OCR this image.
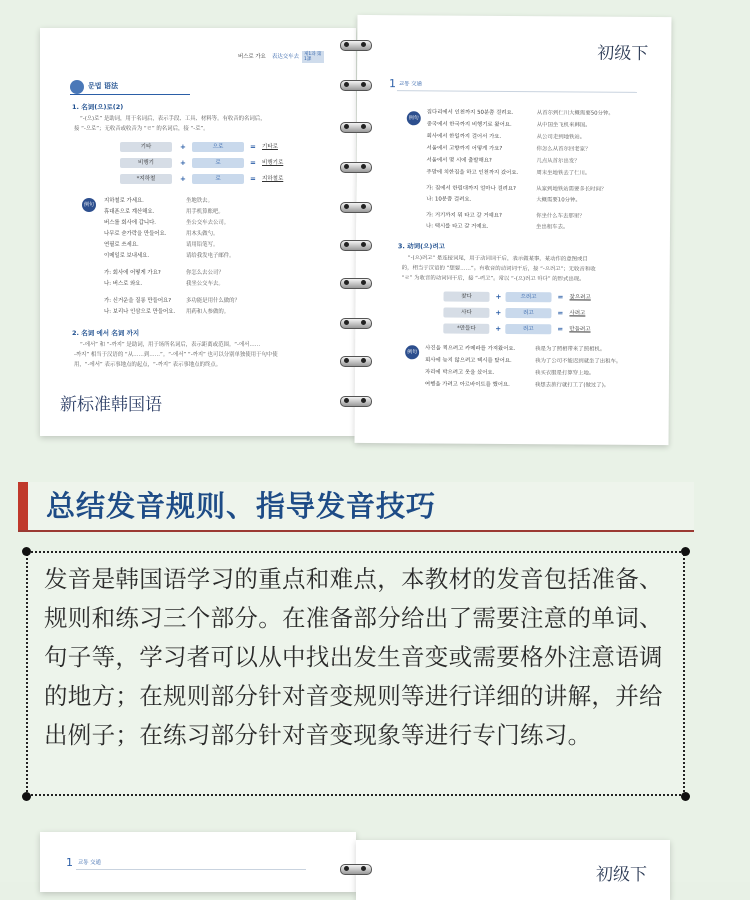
버스로 가요 表达交车去	제1과 第1課
문법 语法
1. 名词(으)로(2)
“-(으)로” 是助词，用于名词后，表示手段、工具、材料等。有收音的名词后，
接 “-으로”；无收音或收音为 “ㄹ” 的名词后，接 “-로”。
기타	+	으로	= 기타로
비행기	+	로	= 비행기로
*지하철	+	로	= 지하철로
例句
지하철로 가세요.	坐地铁去。
휴대폰으로 계산해요.	用手机算账吧。
버스를 회사에 갑니다.	坐公交车去公司。
나무로 숟가락을 만들어요.	用木头做勺。
연필로 쓰세요.	请用铅笔写。
이메일로 보내세요.	请给我发电子邮件。
가: 회사에 어떻게 가요?	你怎么去公司？
나: 버스로 와요.	我坐公交车去。
가: 신거운을 질롱 만들어요?	多功能是用什么做的？
나: 보리나 인삼으로 만들어요. 用药和人参做的。
2. 名词 에서 名词 까지
“-에서” 和 “-까지” 是助词，用于场所名词后，表示距离或范围。“-에서……
-까지” 相当于汉语的 “从……到……”。“-에서” “-까지” 也可以分别单独使用于句中使
用，“-에서” 表示事地点的起点，“-까지” 表示事地点的终点。
新标准韩国语
初级下
1 교통 交通
例句
집다리에서 인천까지 50분쯤 걸려요.	从首尔到仁川大概需要50分钟。
중국에서 한국까지 비행기로 왔어요.	从中国坐飞机来韩国。
회사에서 한일까지 걸어서 가요.	从公司走到地铁站。
서울에서 고향까지 어떻게 가요?	你怎么从首尔回老家？
서울에서 몇 시에 출발해요?	几点从首尔出发？
주말에 치한집을 하고 인천까지 갔어요.	周末坐地铁去了仁川。
가: 집에서 한림대까지 얼마나 걸려요?	从家到地铁站需要多长时间？
나: 10분쯤 걸려요.	大概需要10分钟。
가: 거기까지 뭐 타고 갈 거예요?	你坐什么车去那里？
나: 택시를 타고 갈 거예요.	坐出租车去。
3. 动词(으)려고
“-(으)려고” 是连接词尾，用于动词词干后，表示做某事，某动作的意图或目
的，相当于汉语的 “想要……”。有收音的动词词干后，接 “-으려고”；无收音和收
“ㄹ” 为收音的动词词干后，接 “-려고”。常以 “-(으)려고 하다” 的形式出现。
찾다	+	으려고	= 찾으려고
사다	+	려고	= 사려고
*만들다	+	려고	= 만들려고
例句
사진을 찍으려고 카메라를 가져왔어요.	我是为了照相带来了照相机。
회사에 늦지 않으려고 택시를 탔어요.	我为了公司不能迟到就坐了出租车。
자리에 박으려고 옷을 샀어요.	我买衣服是打算穿上地。
여행을 가려고 아르바이트를 했어요.	我想去旅行就打工了(做过了)。
总结发音规则、指导发音技巧
发音是韩国语学习的重点和难点，本教材的发音包括准备、规则和练习三个部分。在准备部分给出了需要注意的单词、句子等，学习者可以从中找出发生音变或需要格外注意语调的地方；在规则部分针对音变规则等进行详细的讲解，并给出例子；在练习部分针对音变现象等进行专门练习。
1 교통 交通
初级下
